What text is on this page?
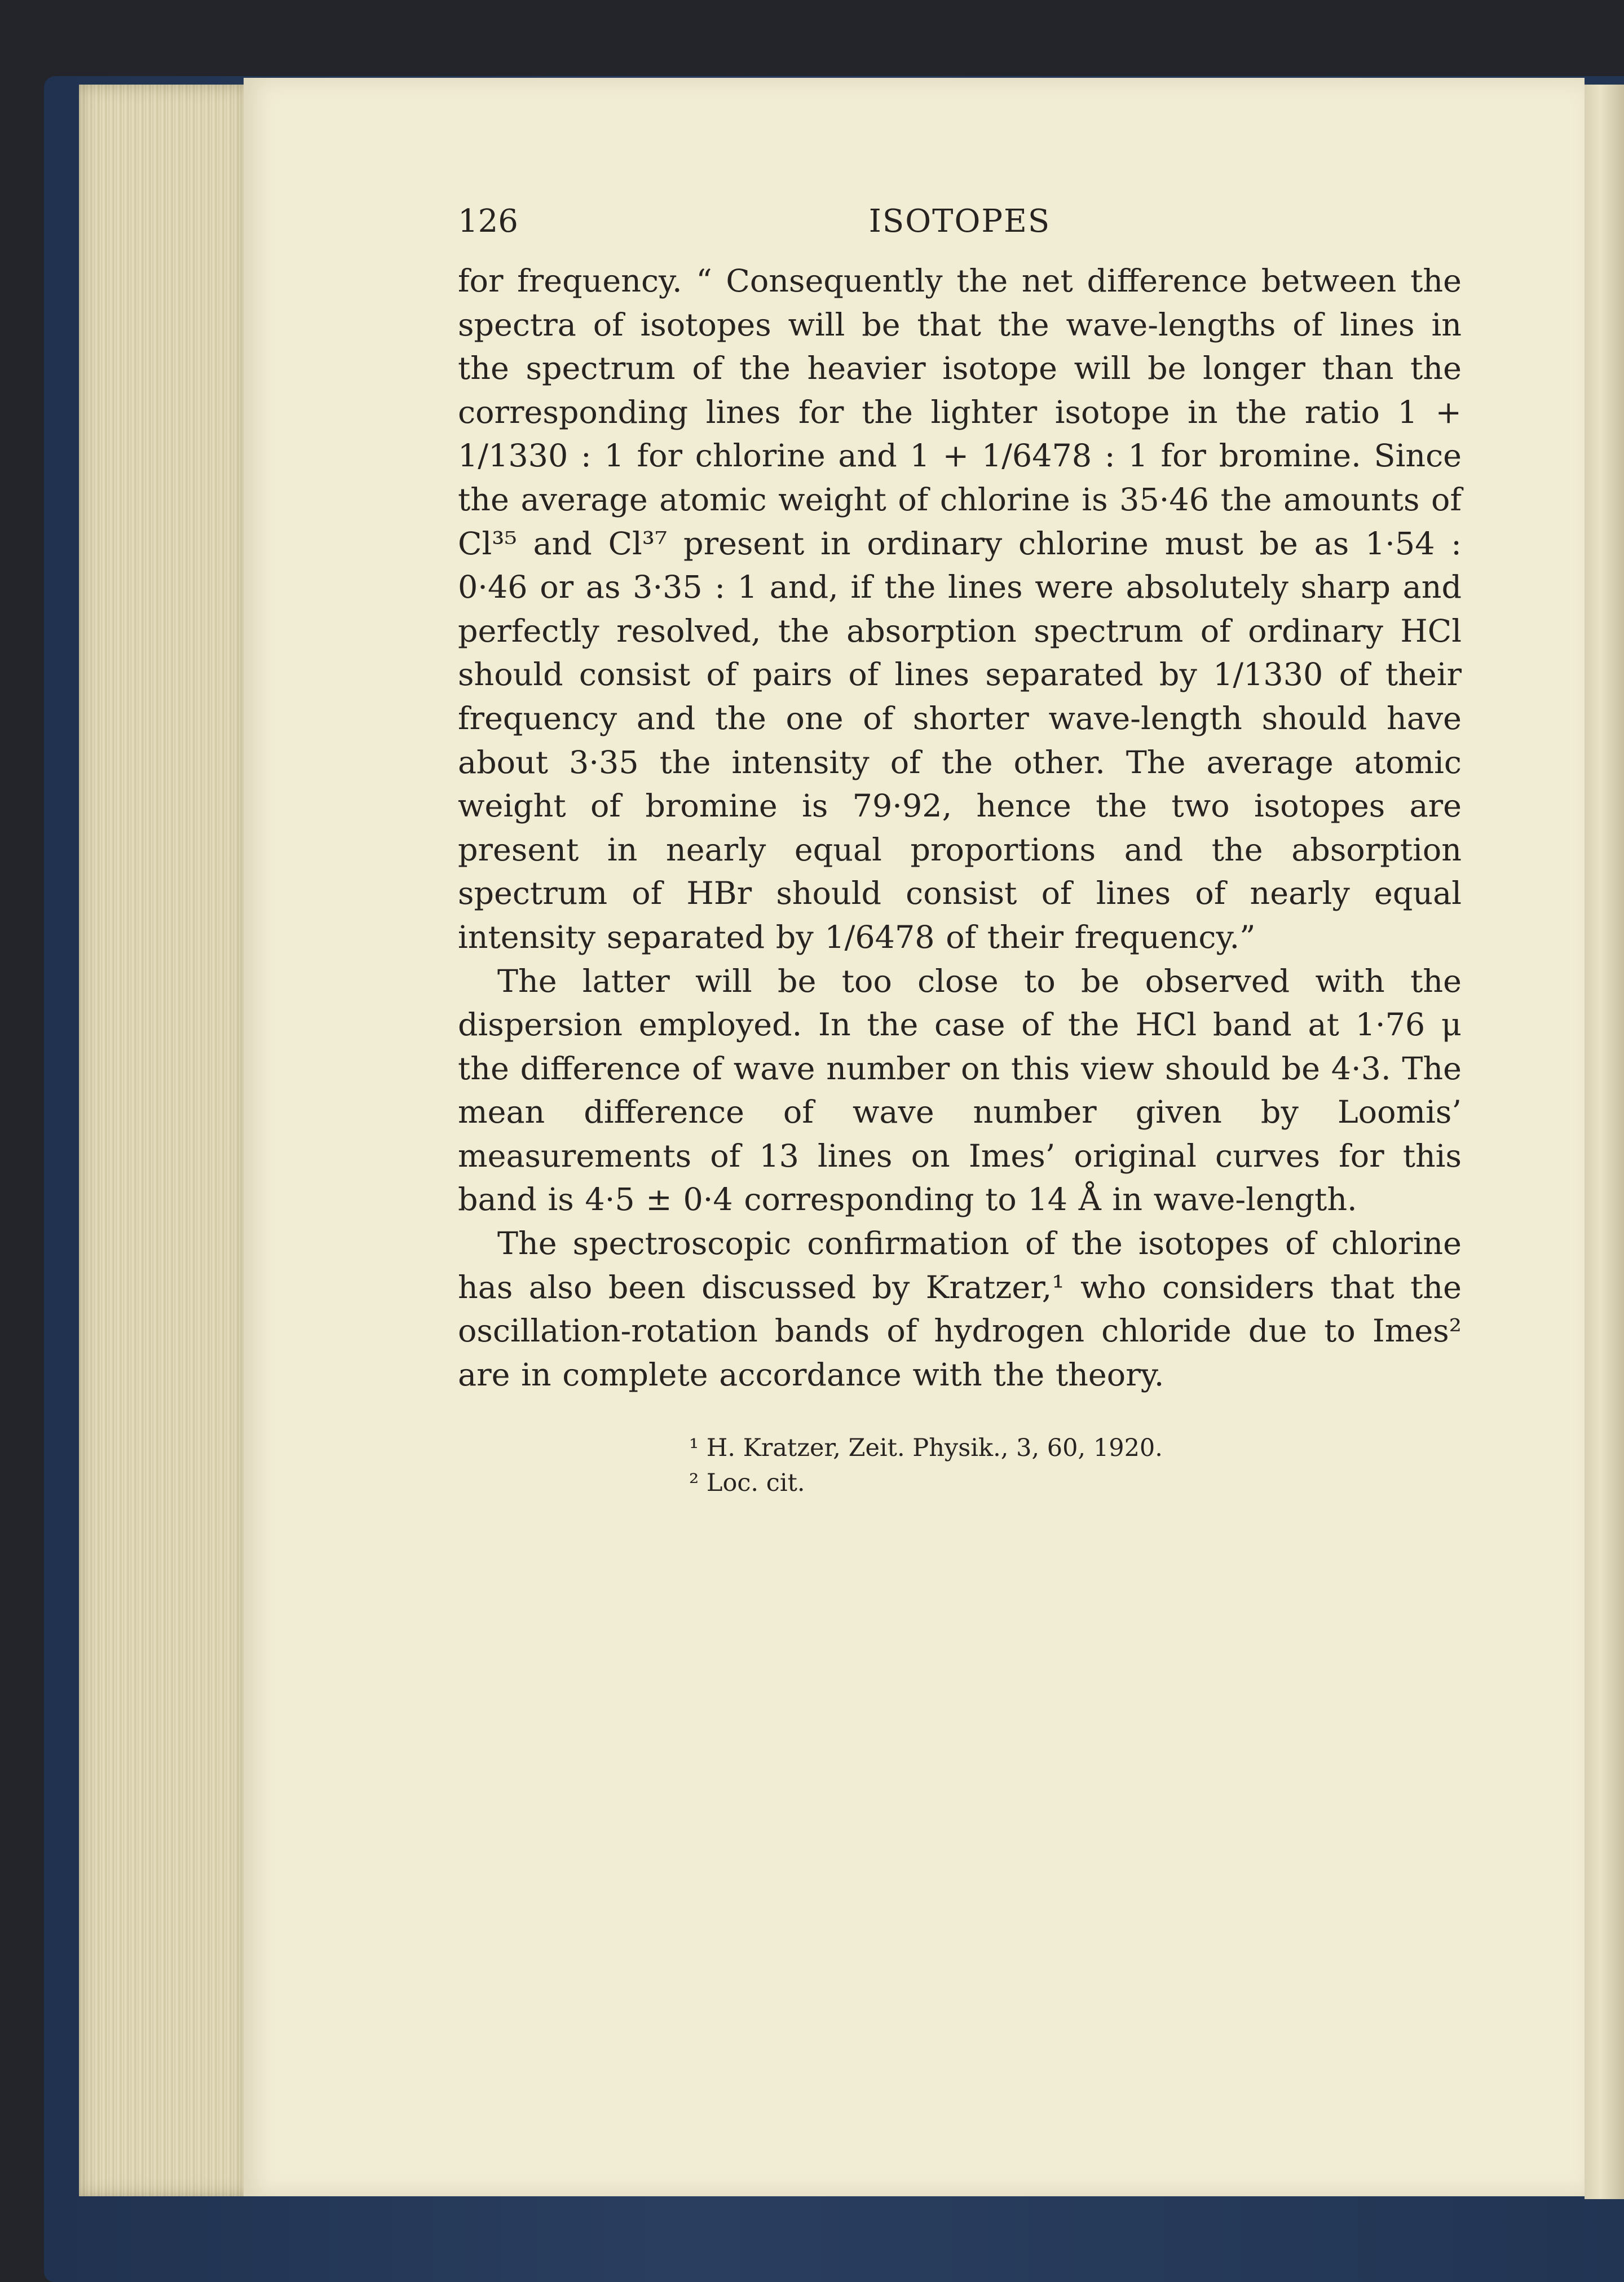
126	ISOTOPES

for frequency. “ Consequently the net difference between the spectra of isotopes will be that the wave-lengths of lines in the spectrum of the heavier isotope will be longer than the corresponding lines for the lighter isotope in the ratio 1 + 1/1330 : 1 for chlorine and 1 + 1/6478 : 1 for bromine. Since the average atomic weight of chlorine is 35·46 the amounts of Cl³⁵ and Cl³⁷ present in ordinary chlorine must be as 1·54 : 0·46 or as 3·35 : 1 and, if the lines were absolutely sharp and perfectly resolved, the absorption spectrum of ordinary HCl should consist of pairs of lines separated by 1/1330 of their frequency and the one of shorter wave-length should have about 3·35 the intensity of the other. The average atomic weight of bromine is 79·92, hence the two isotopes are present in nearly equal proportions and the absorption spectrum of HBr should consist of lines of nearly equal intensity separated by 1/6478 of their frequency.”

The latter will be too close to be observed with the dispersion employed. In the case of the HCl band at 1·76 μ the difference of wave number on this view should be 4·3. The mean difference of wave number given by Loomis’ measurements of 13 lines on Imes’ original curves for this band is 4·5 ± 0·4 corresponding to 14 Å in wave-length.

The spectroscopic confirmation of the isotopes of chlorine has also been discussed by Kratzer,¹ who considers that the oscillation-rotation bands of hydrogen chloride due to Imes² are in complete accordance with the theory.

¹ H. Kratzer, Zeit. Physik., 3, 60, 1920.
² Loc. cit.
